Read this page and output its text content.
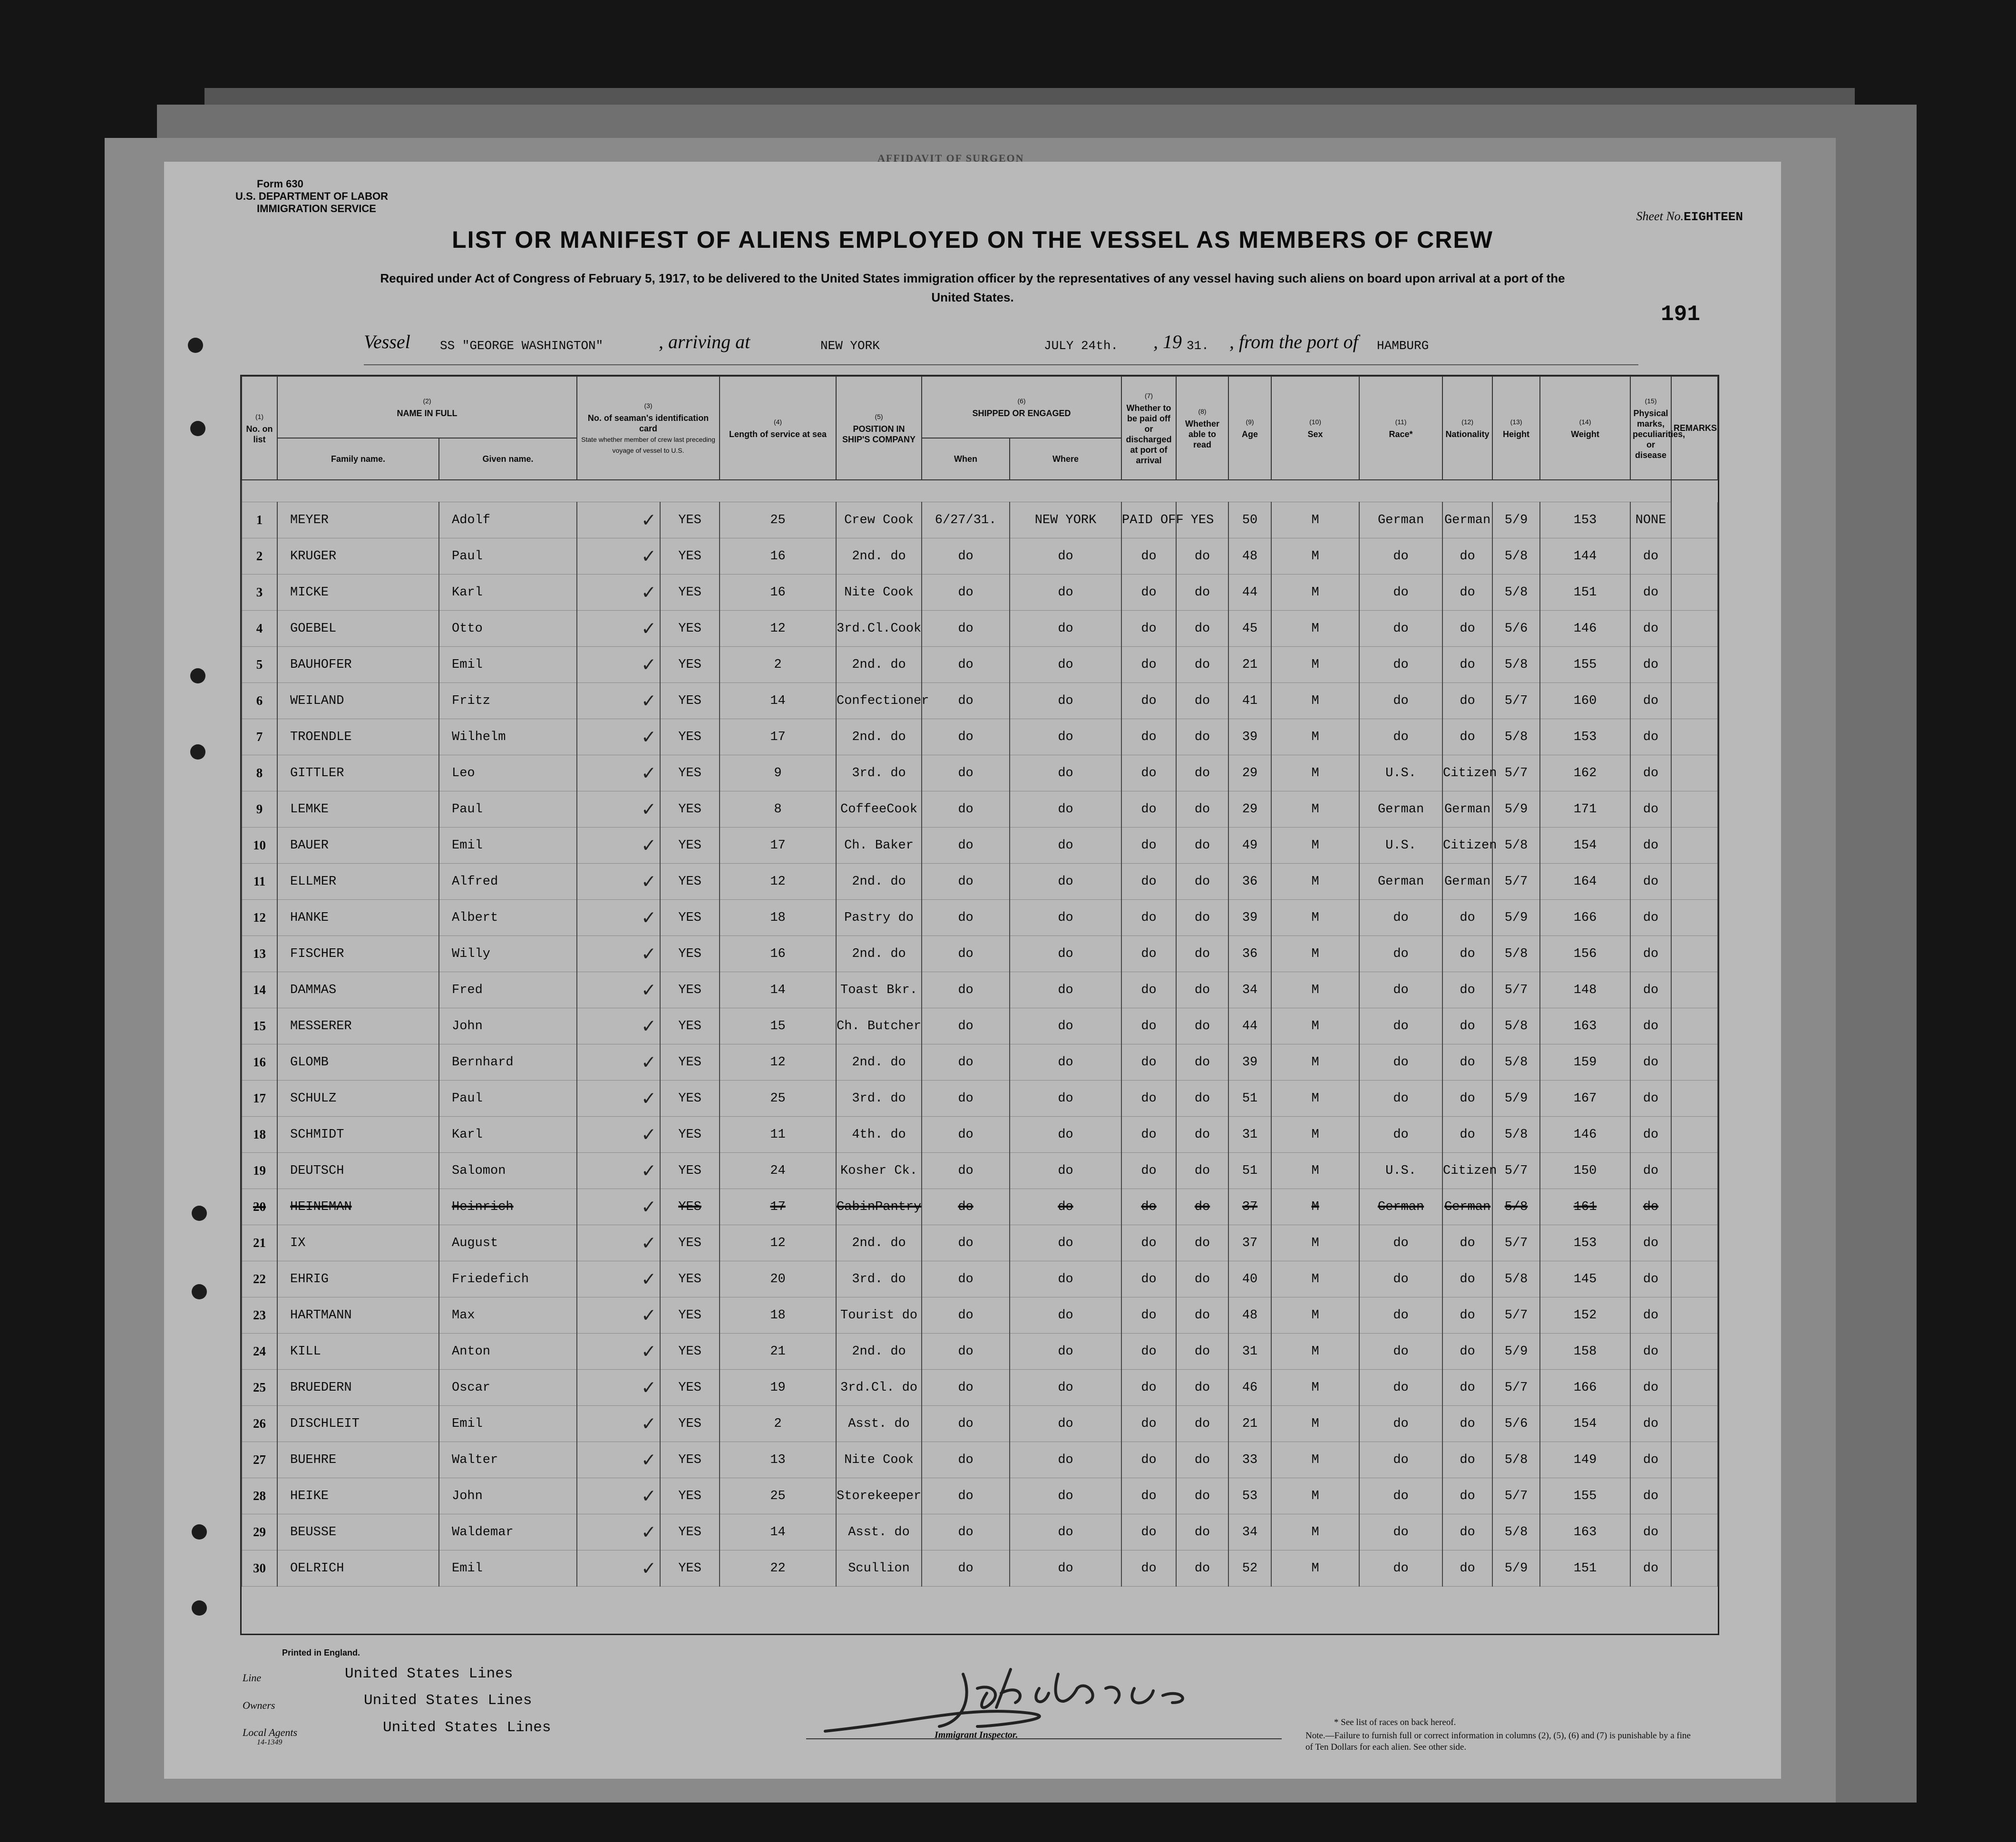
AFFIDAVIT OF SURGEON
Form 630
U.S. DEPARTMENT OF LABOR
IMMIGRATION SERVICE
Sheet No.EIGHTEEN
LIST OR MANIFEST OF ALIENS EMPLOYED ON THE VESSEL AS MEMBERS OF CREW
Required under Act of Congress of February 5, 1917, to be delivered to the United States immigration officer by the representatives of any vessel having such aliens on board upon arrival at a port of the United States.
191
Vessel SS "GEORGE WASHINGTON"	, arriving at	NEW YORK	JULY 24th. , 19 31. , from the port of HAMBURG
(1)
No. on list	(2)
NAME IN FULL		(3)
No. of seaman's identification card
State whether member of crew last preceding voyage of vessel to U.S.		(4)
Length of service at sea	(5)
POSITION IN SHIP'S COMPANY	(6)
SHIPPED OR ENGAGED		(7)
Whether to be paid off or discharged at port of arrival	(8)
Whether able to read	(9)
Age	(10)
Sex	(11)
Race*	(12)
Nationality	(13)
Height	(14)
Weight	(15)
Physical marks, peculiarities, or disease	REMARKS
	Family name.	Given name.					When	Where										

1	MEYER	Adolf	✓	YES	25	Crew Cook	6/27/31.	NEW YORK	PAID OFF	YES	50	M	German	German	5/9	153	NONE	
2	KRUGER	Paul	✓	YES	16	2nd. do	do	do	do	do	48	M	do	do	5/8	144	do	
3	MICKE	Karl	✓	YES	16	Nite Cook	do	do	do	do	44	M	do	do	5/8	151	do	
4	GOEBEL	Otto	✓	YES	12	3rd.Cl.Cook	do	do	do	do	45	M	do	do	5/6	146	do	
5	BAUHOFER	Emil	✓	YES	2	2nd. do	do	do	do	do	21	M	do	do	5/8	155	do	
6	WEILAND	Fritz	✓	YES	14	Confectioner	do	do	do	do	41	M	do	do	5/7	160	do	
7	TROENDLE	Wilhelm	✓	YES	17	2nd. do	do	do	do	do	39	M	do	do	5/8	153	do	
8	GITTLER	Leo	✓	YES	9	3rd. do	do	do	do	do	29	M	U.S.	Citizen	5/7	162	do	
9	LEMKE	Paul	✓	YES	8	CoffeeCook	do	do	do	do	29	M	German	German	5/9	171	do	
10	BAUER	Emil	✓	YES	17	Ch. Baker	do	do	do	do	49	M	U.S.	Citizen	5/8	154	do	
11	ELLMER	Alfred	✓	YES	12	2nd. do	do	do	do	do	36	M	German	German	5/7	164	do	
12	HANKE	Albert	✓	YES	18	Pastry do	do	do	do	do	39	M	do	do	5/9	166	do	
13	FISCHER	Willy	✓	YES	16	2nd. do	do	do	do	do	36	M	do	do	5/8	156	do	
14	DAMMAS	Fred	✓	YES	14	Toast Bkr.	do	do	do	do	34	M	do	do	5/7	148	do	
15	MESSERER	John	✓	YES	15	Ch. Butcher	do	do	do	do	44	M	do	do	5/8	163	do	
16	GLOMB	Bernhard	✓	YES	12	2nd. do	do	do	do	do	39	M	do	do	5/8	159	do	
17	SCHULZ	Paul	✓	YES	25	3rd. do	do	do	do	do	51	M	do	do	5/9	167	do	
18	SCHMIDT	Karl	✓	YES	11	4th. do	do	do	do	do	31	M	do	do	5/8	146	do	
19	DEUTSCH	Salomon	✓	YES	24	Kosher Ck.	do	do	do	do	51	M	U.S.	Citizen	5/7	150	do	
20	HEINEMAN	Heinrich	✓	YES	17	CabinPantry	do	do	do	do	37	M	German	German	5/8	161	do	
21	IX	August	✓	YES	12	2nd. do	do	do	do	do	37	M	do	do	5/7	153	do	
22	EHRIG	Friedefich	✓	YES	20	3rd. do	do	do	do	do	40	M	do	do	5/8	145	do	
23	HARTMANN	Max	✓	YES	18	Tourist do	do	do	do	do	48	M	do	do	5/7	152	do	
24	KILL	Anton	✓	YES	21	2nd. do	do	do	do	do	31	M	do	do	5/9	158	do	
25	BRUEDERN	Oscar	✓	YES	19	3rd.Cl. do	do	do	do	do	46	M	do	do	5/7	166	do	
26	DISCHLEIT	Emil	✓	YES	2	Asst. do	do	do	do	do	21	M	do	do	5/6	154	do	
27	BUEHRE	Walter	✓	YES	13	Nite Cook	do	do	do	do	33	M	do	do	5/8	149	do	
28	HEIKE	John	✓	YES	25	Storekeeper	do	do	do	do	53	M	do	do	5/7	155	do	
29	BEUSSE	Waldemar	✓	YES	14	Asst. do	do	do	do	do	34	M	do	do	5/8	163	do	
30	OELRICH	Emil	✓	YES	22	Scullion	do	do	do	do	52	M	do	do	5/9	151	do	
Printed in England.
Line	United States Lines
Owners	United States Lines
Local Agents
14-1349
United States Lines	Immigrant Inspector.
* See list of races on back hereof.
Note.—Failure to furnish full or correct information in columns (2), (5), (6) and (7) is punishable by a fine of Ten Dollars for each alien. See other side.
